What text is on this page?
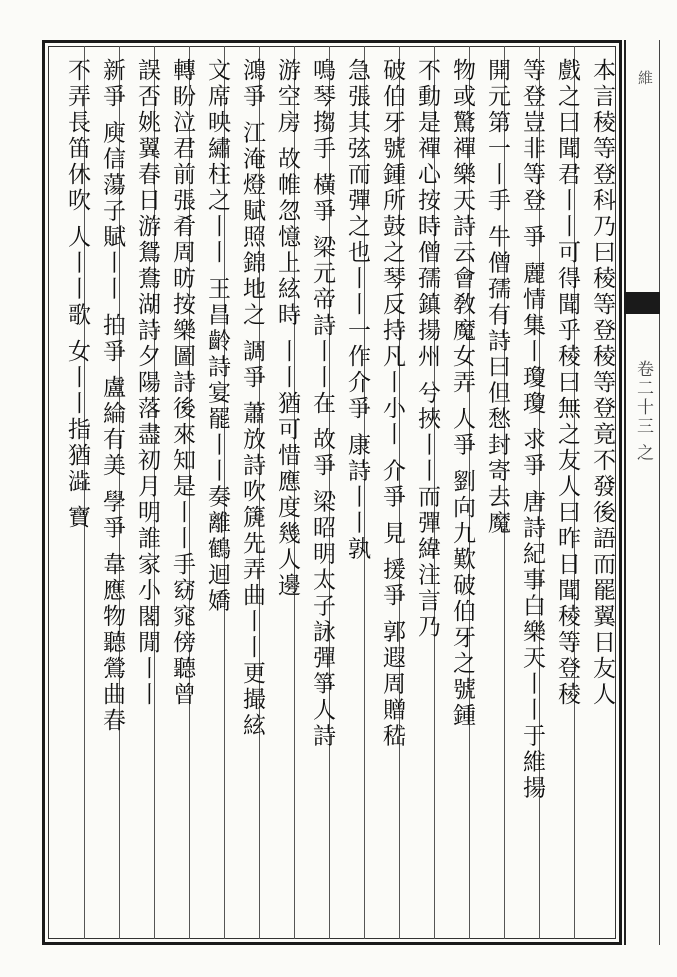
維
卷二十三 之
本言稜等登科乃曰稜等登稜等登竟不發後語而罷翼日友人
戲之曰聞君丨丨可得聞乎稜曰無之友人曰昨日聞稜等登稜
等登豈非等登 爭 麗情集丨瓊瓊 求爭 唐詩紀事白樂天丨丨于維揚
開元第一丨手 牛僧孺有詩曰但愁封寄去魔
物或驚禪樂天詩云會敎魔女弄 人爭 劉向九歎破伯牙之號鍾
不動是禪心按時僧孺鎮揚州 兮挾丨丨而彈緯注言乃
破伯牙號鍾所鼓之琴反持凡丨小丨 介爭 見 援爭 郭遐周贈嵇
急張其弦而彈之也丨丨一作介爭 康詩丨丨孰
鳴琴搊手 橫爭 梁元帝詩丨丨在 故爭 梁昭明太子詠彈箏人詩
游空房 故帷忽憶上絃時 丨丨猶可惜應度幾人邊
鴻爭 江淹燈賦照錦地之 調爭 蕭放詩吹篪先弄曲丨丨更撮絃
文席映繡柱之丨丨 王昌齡詩宴罷丨丨奏離鶴迴嬌
轉盼泣君前張肴周昉按樂圖詩後來知是丨丨手窈窕傍聽曾
誤否姚翼春日游鴛鴦湖詩夕陽落盡初月明誰家小閣閒丨丨
新爭 庾信蕩子賦丨丨 拍爭 盧綸有美 學爭 韋應物聽鶯曲春
不弄長笛休吹 人丨丨歌 女丨丨指猶澁 寶
